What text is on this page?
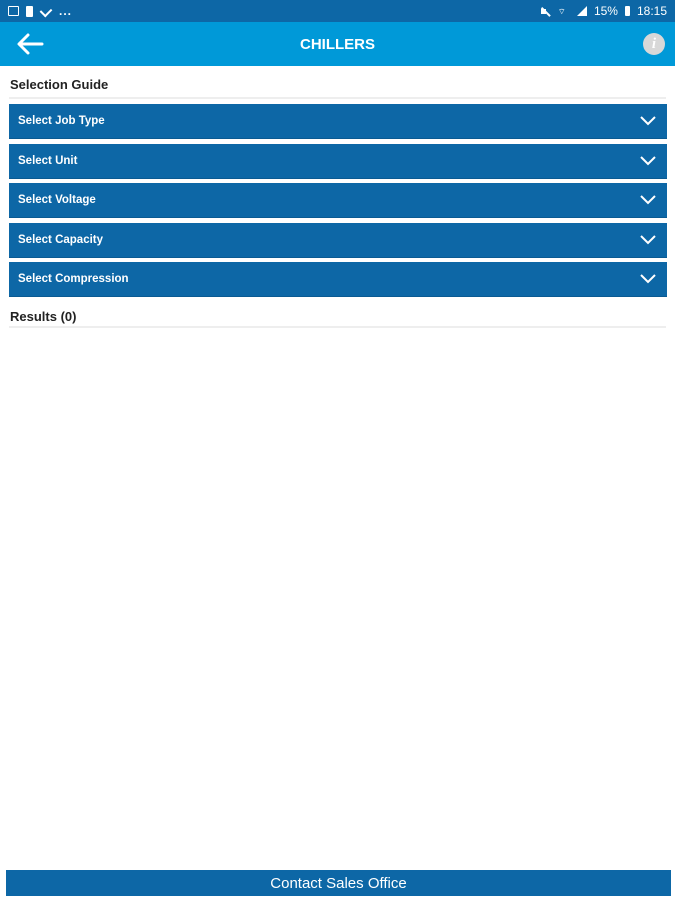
...	⌔ 15% 18:15
CHILLERS	i
Selection Guide
Select Job Type
Select Unit
Select Voltage
Select Capacity
Select Compression
Results (0)
Contact Sales Office
